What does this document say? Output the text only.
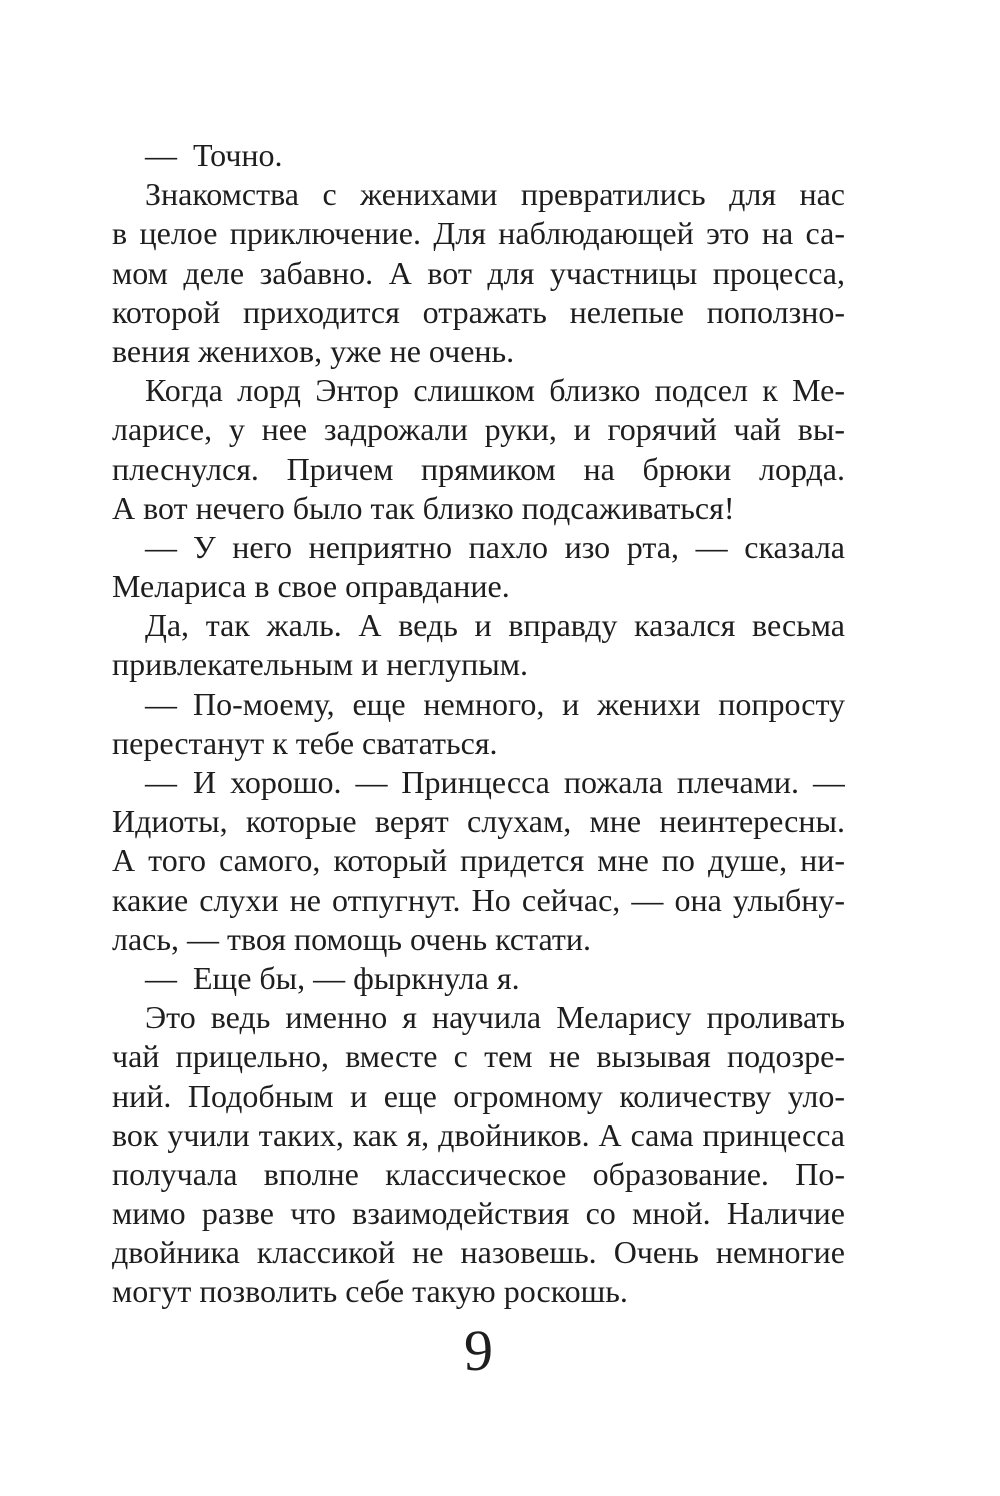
— Точно.
Знакомства с женихами превратились для нас
в целое приключение. Для наблюдающей это на са-
мом деле забавно. А вот для участницы процесса,
которой приходится отражать нелепые поползно-
вения женихов, уже не очень.
Когда лорд Энтор слишком близко подсел к Ме-
ларисе, у нее задрожали руки, и горячий чай вы-
плеснулся. Причем прямиком на брюки лорда.
А вот нечего было так близко подсаживаться!
— У него неприятно пахло изо рта, — сказала
Мелариса в свое оправдание.
Да, так жаль. А ведь и вправду казался весьма
привлекательным и неглупым.
— По-моему, еще немного, и женихи попросту
перестанут к тебе свататься.
— И хорошо. — Принцесса пожала плечами. —
Идиоты, которые верят слухам, мне неинтересны.
А того самого, который придется мне по душе, ни-
какие слухи не отпугнут. Но сейчас, — она улыбну-
лась, — твоя помощь очень кстати.
— Еще бы, — фыркнула я.
Это ведь именно я научила Меларису проливать
чай прицельно, вместе с тем не вызывая подозре-
ний. Подобным и еще огромному количеству уло-
вок учили таких, как я, двойников. А сама принцесса
получала вполне классическое образование. По-
мимо разве что взаимодействия со мной. Наличие
двойника классикой не назовешь. Очень немногие
могут позволить себе такую роскошь.
9
